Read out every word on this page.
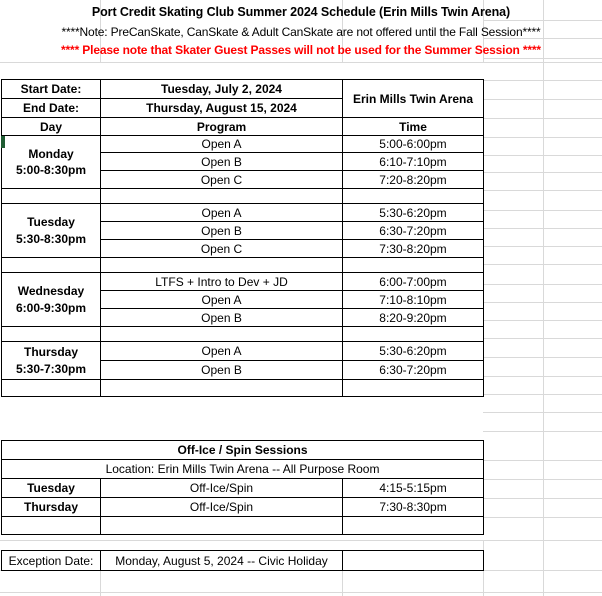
Port Credit Skating Club Summer 2024 Schedule (Erin Mills Twin Arena)
****Note: PreCanSkate, CanSkate & Adult CanSkate are not offered until the Fall Session****
**** Please note that Skater Guest Passes will not be used for the Summer Session ****
Start Date:	Tuesday, July 2, 2024	Erin Mills Twin Arena
End Date:	Thursday, August 15, 2024	
Day	Program	Time
Monday
5:00-8:30pm	Open A	5:00-6:00pm
	Open B	6:10-7:10pm
	Open C	7:20-8:20pm

Tuesday
5:30-8:30pm	Open A	5:30-6:20pm
	Open B	6:30-7:20pm
	Open C	7:30-8:20pm

Wednesday
6:00-9:30pm	LTFS + Intro to Dev + JD	6:00-7:00pm
	Open A	7:10-8:10pm
	Open B	8:20-9:20pm

Thursday
5:30-7:30pm	Open A	5:30-6:20pm
	Open B	6:30-7:20pm

Off-Ice / Spin Sessions		
Location: Erin Mills Twin Arena -- All Purpose Room		
Tuesday	Off-Ice/Spin	4:15-5:15pm
Thursday	Off-Ice/Spin	7:30-8:30pm

Exception Date:	Monday, August 5, 2024 -- Civic Holiday	
